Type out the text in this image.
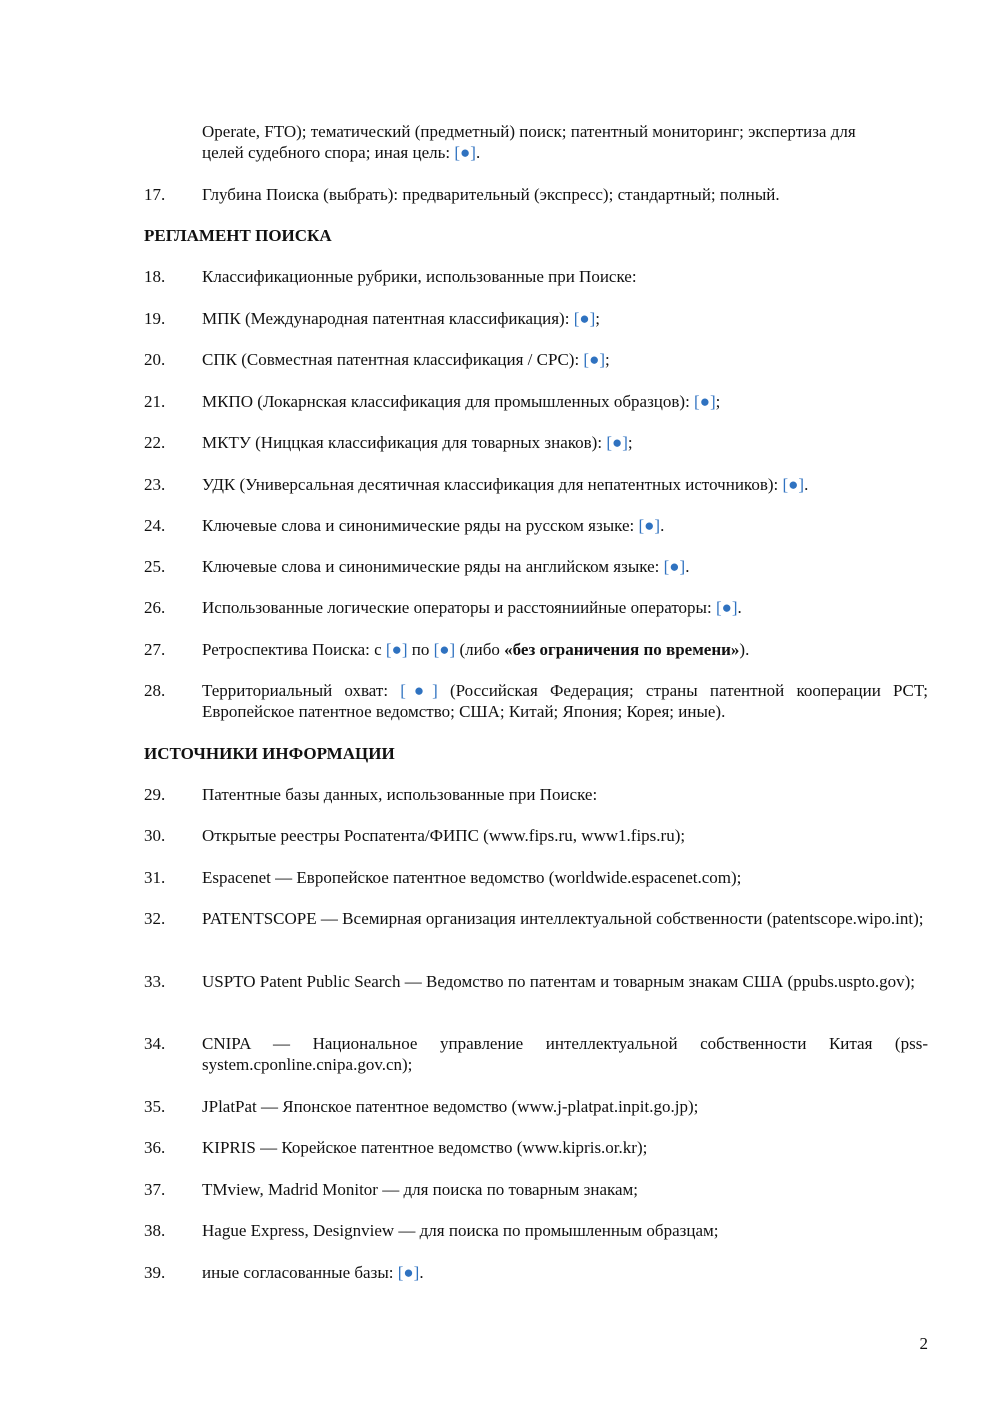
Operate, FTO); тематический (предметный) поиск; патентный мониторинг; экспертиза для
целей судебного спора; иная цель: [●].
17.	Глубина Поиска (выбрать): предварительный (экспресс); стандартный; полный.
РЕГЛАМЕНТ ПОИСКА
18.	Классификационные рубрики, использованные при Поиске:
19.	МПК (Международная патентная классификация): [●];
20.	СПК (Совместная патентная классификация / CPC): [●];
21.	МКПО (Локарнская классификация для промышленных образцов): [●];
22.	МКТУ (Ниццкая классификация для товарных знаков): [●];
23.	УДК (Универсальная десятичная классификация для непатентных источников): [●].
24.	Ключевые слова и синонимические ряды на русском языке: [●].
25.	Ключевые слова и синонимические ряды на английском языке: [●].
26.	Использованные логические операторы и расстояниийные операторы: [●].
27.	Ретроспектива Поиска: с [●] по [●] (либо «без ограничения по времени»).
28.	Территориальный охват: [●] (Российская Федерация; страны патентной кооперации PCT; Европейское патентное ведомство; США; Китай; Япония; Корея; иные).
ИСТОЧНИКИ ИНФОРМАЦИИ
29.	Патентные базы данных, использованные при Поиске:
30.	Открытые реестры Роспатента/ФИПС (www.fips.ru, www1.fips.ru);
31.	Espacenet — Европейское патентное ведомство (worldwide.espacenet.com);
32.	PATENTSCOPE — Всемирная организация интеллектуальной собственности (patentscope.wipo.int);
33.	USPTO Patent Public Search — Ведомство по патентам и товарным знакам США (ppubs.uspto.gov);
34.	CNIPA — Национальное управление интеллектуальной собственности Китая (pss-system.cponline.cnipa.gov.cn);
35.	JPlatPat — Японское патентное ведомство (www.j-platpat.inpit.go.jp);
36.	KIPRIS — Корейское патентное ведомство (www.kipris.or.kr);
37.	TMview, Madrid Monitor — для поиска по товарным знакам;
38.	Hague Express, Designview — для поиска по промышленным образцам;
39.	иные согласованные базы: [●].
2
